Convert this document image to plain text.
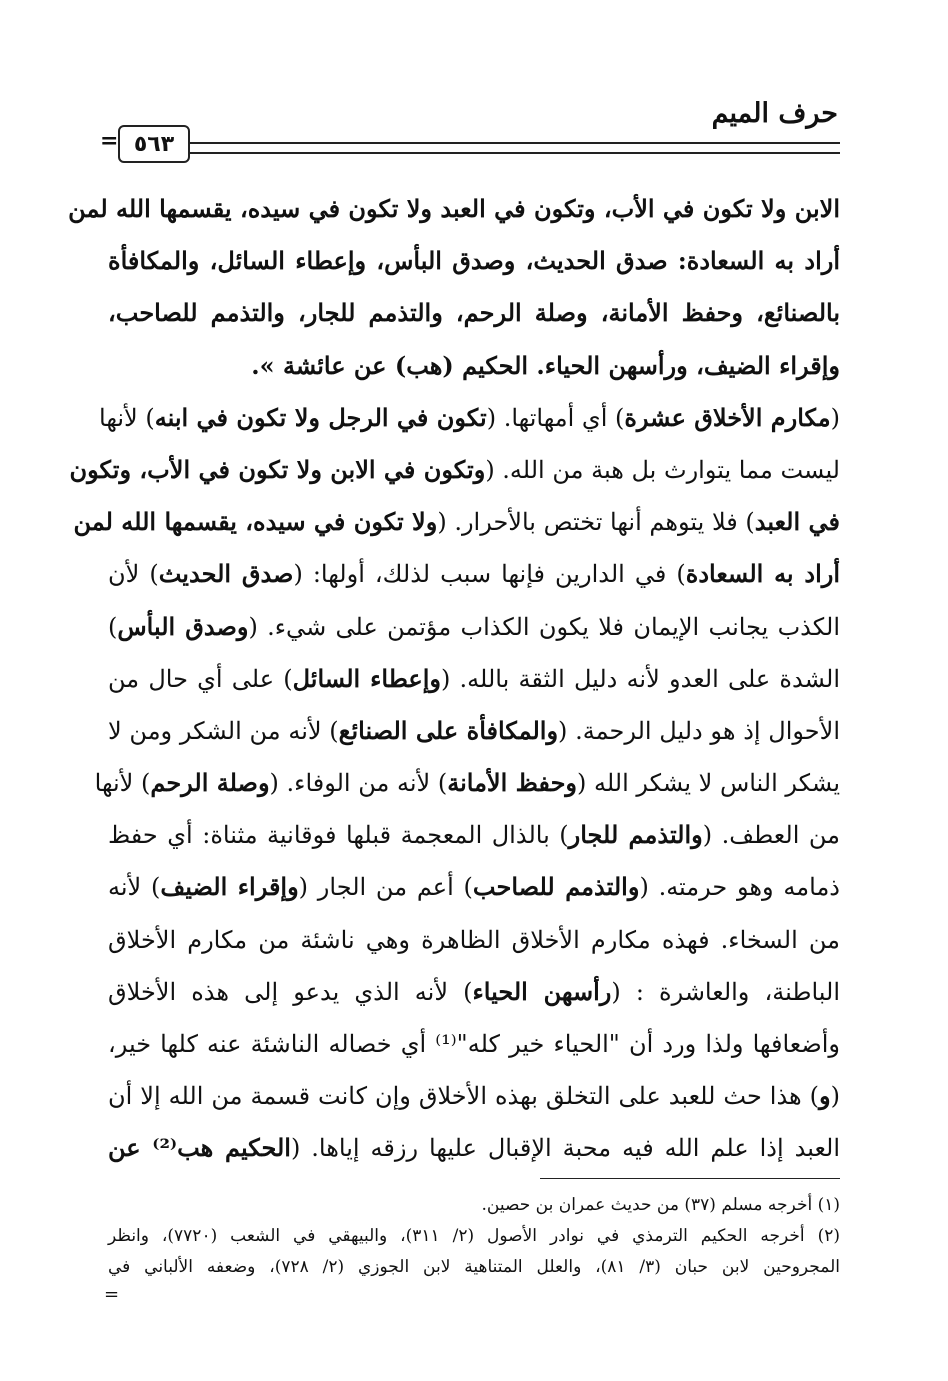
حرف الميم
٥٦٣
=
الابن ولا تكون في الأب، وتكون في العبد ولا تكون في سيده، يقسمها الله لمن
أراد به السعادة: صدق الحديث، وصدق البأس، وإعطاء السائل، والمكافأة
بالصنائع، وحفظ الأمانة، وصلة الرحم، والتذمم للجار، والتذمم للصاحب،
وإقراء الضيف، ورأسهن الحياء. الحكيم (هب) عن عائشة ».
(مكارم الأخلاق عشرة) أي أمهاتها. (تكون في الرجل ولا تكون في ابنه) لأنها
ليست مما يتوارث بل هبة من الله. (وتكون في الابن ولا تكون في الأب، وتكون
في العبد) فلا يتوهم أنها تختص بالأحرار. (ولا تكون في سيده، يقسمها الله لمن
أراد به السعادة) في الدارين فإنها سبب لذلك، أولها: (صدق الحديث) لأن
الكذب يجانب الإيمان فلا يكون الكذاب مؤتمن على شيء. (وصدق البأس)
الشدة على العدو لأنه دليل الثقة بالله. (وإعطاء السائل) على أي حال من
الأحوال إذ هو دليل الرحمة. (والمكافأة على الصنائع) لأنه من الشكر ومن لا
يشكر الناس لا يشكر الله (وحفظ الأمانة) لأنه من الوفاء. (وصلة الرحم) لأنها
من العطف. (والتذمم للجار) بالذال المعجمة قبلها فوقانية مثناة: أي حفظ
ذمامه وهو حرمته. (والتذمم للصاحب) أعم من الجار (وإقراء الضيف) لأنه
من السخاء. فهذه مكارم الأخلاق الظاهرة وهي ناشئة من مكارم الأخلاق
الباطنة، والعاشرة : (رأسهن الحياء) لأنه الذي يدعو إلى هذه الأخلاق
وأضعافها ولذا ورد أن "الحياء خير كله"⁽¹⁾ أي خصاله الناشئة عنه كلها خير،
(و) هذا حث للعبد على التخلق بهذه الأخلاق وإن كانت قسمة من الله إلا أن
العبد إذا علم الله فيه محبة الإقبال عليها رزقه إياها. (الحكيم هب⁽²⁾ عن
(١) أخرجه مسلم (٣٧) من حديث عمران بن حصين.
(٢) أخرجه الحكيم الترمذي في نوادر الأصول (٢/ ٣١١)، والبيهقي في الشعب (٧٧٢٠)، وانظر
المجروحين لابن حبان (٣/ ٨١)، والعلل المتناهية لابن الجوزي (٢/ ٧٢٨)، وضعفه الألباني في
=
